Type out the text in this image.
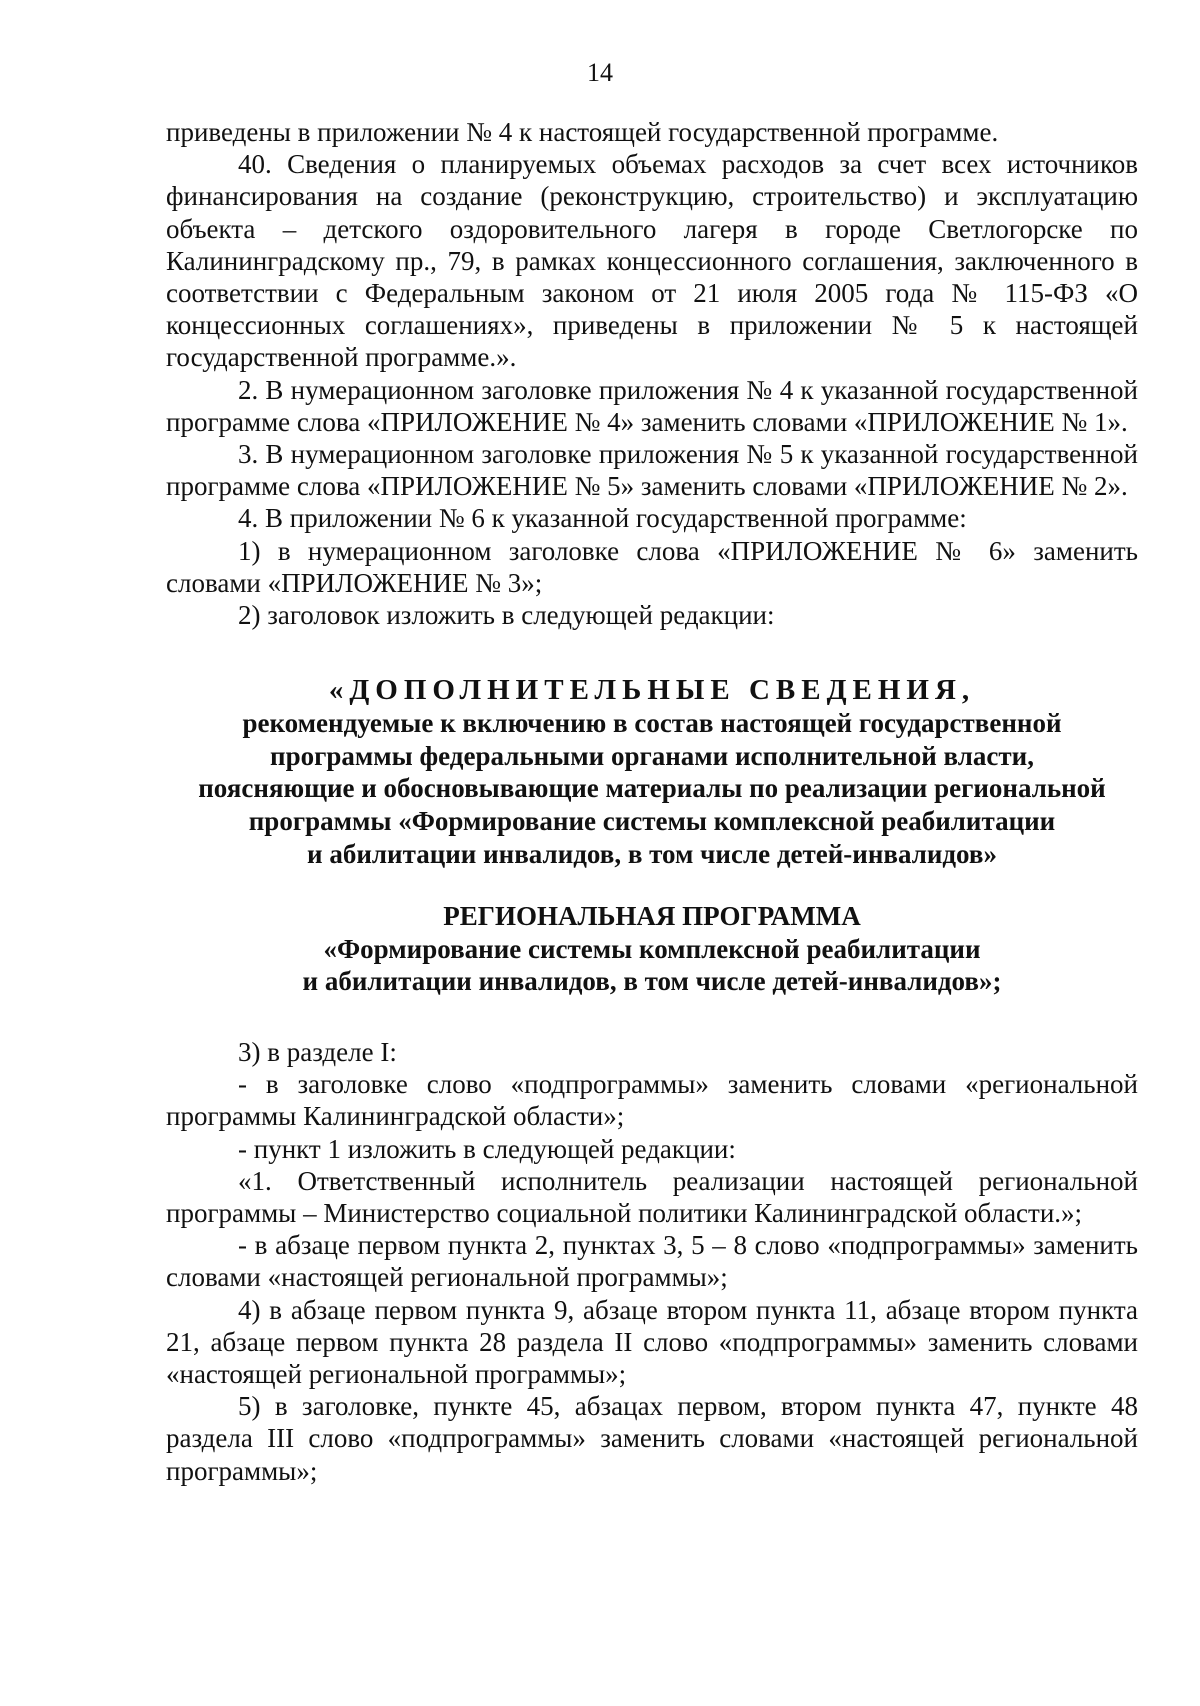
14

приведены в приложении № 4 к настоящей государственной программе.

40. Сведения о планируемых объемах расходов за счет всех источников финансирования на создание (реконструкцию, строительство) и эксплуатацию объекта – детского оздоровительного лагеря в городе Светлогорске по Калининградскому пр., 79, в рамках концессионного соглашения, заключенного в соответствии с Федеральным законом от 21 июля 2005 года № 115-ФЗ «О концессионных соглашениях», приведены в приложении № 5 к настоящей государственной программе.».

2. В нумерационном заголовке приложения № 4 к указанной государственной программе слова «ПРИЛОЖЕНИЕ № 4» заменить словами «ПРИЛОЖЕНИЕ № 1».

3. В нумерационном заголовке приложения № 5 к указанной государственной программе слова «ПРИЛОЖЕНИЕ № 5» заменить словами «ПРИЛОЖЕНИЕ № 2».

4. В приложении № 6 к указанной государственной программе:

1) в нумерационном заголовке слова «ПРИЛОЖЕНИЕ № 6» заменить словами «ПРИЛОЖЕНИЕ № 3»;

2) заголовок изложить в следующей редакции:

«ДОПОЛНИТЕЛЬНЫЕ СВЕДЕНИЯ,

рекомендуемые к включению в состав настоящей государственной

программы федеральными органами исполнительной власти,

поясняющие и обосновывающие материалы по реализации региональной

программы «Формирование системы комплексной реабилитации

и абилитации инвалидов, в том числе детей-инвалидов»

РЕГИОНАЛЬНАЯ ПРОГРАММА

«Формирование системы комплексной реабилитации

и абилитации инвалидов, в том числе детей-инвалидов»;

3) в разделе I:

- в заголовке слово «подпрограммы» заменить словами «региональной программы Калининградской области»;

- пункт 1 изложить в следующей редакции:

«1. Ответственный исполнитель реализации настоящей региональной программы – Министерство социальной политики Калининградской области.»;

- в абзаце первом пункта 2, пунктах 3, 5 – 8 слово «подпрограммы» заменить словами «настоящей региональной программы»;

4) в абзаце первом пункта 9, абзаце втором пункта 11, абзаце втором пункта 21, абзаце первом пункта 28 раздела II слово «подпрограммы» заменить словами «настоящей региональной программы»;

5) в заголовке, пункте 45, абзацах первом, втором пункта 47, пункте 48 раздела III слово «подпрограммы» заменить словами «настоящей региональной программы»;
